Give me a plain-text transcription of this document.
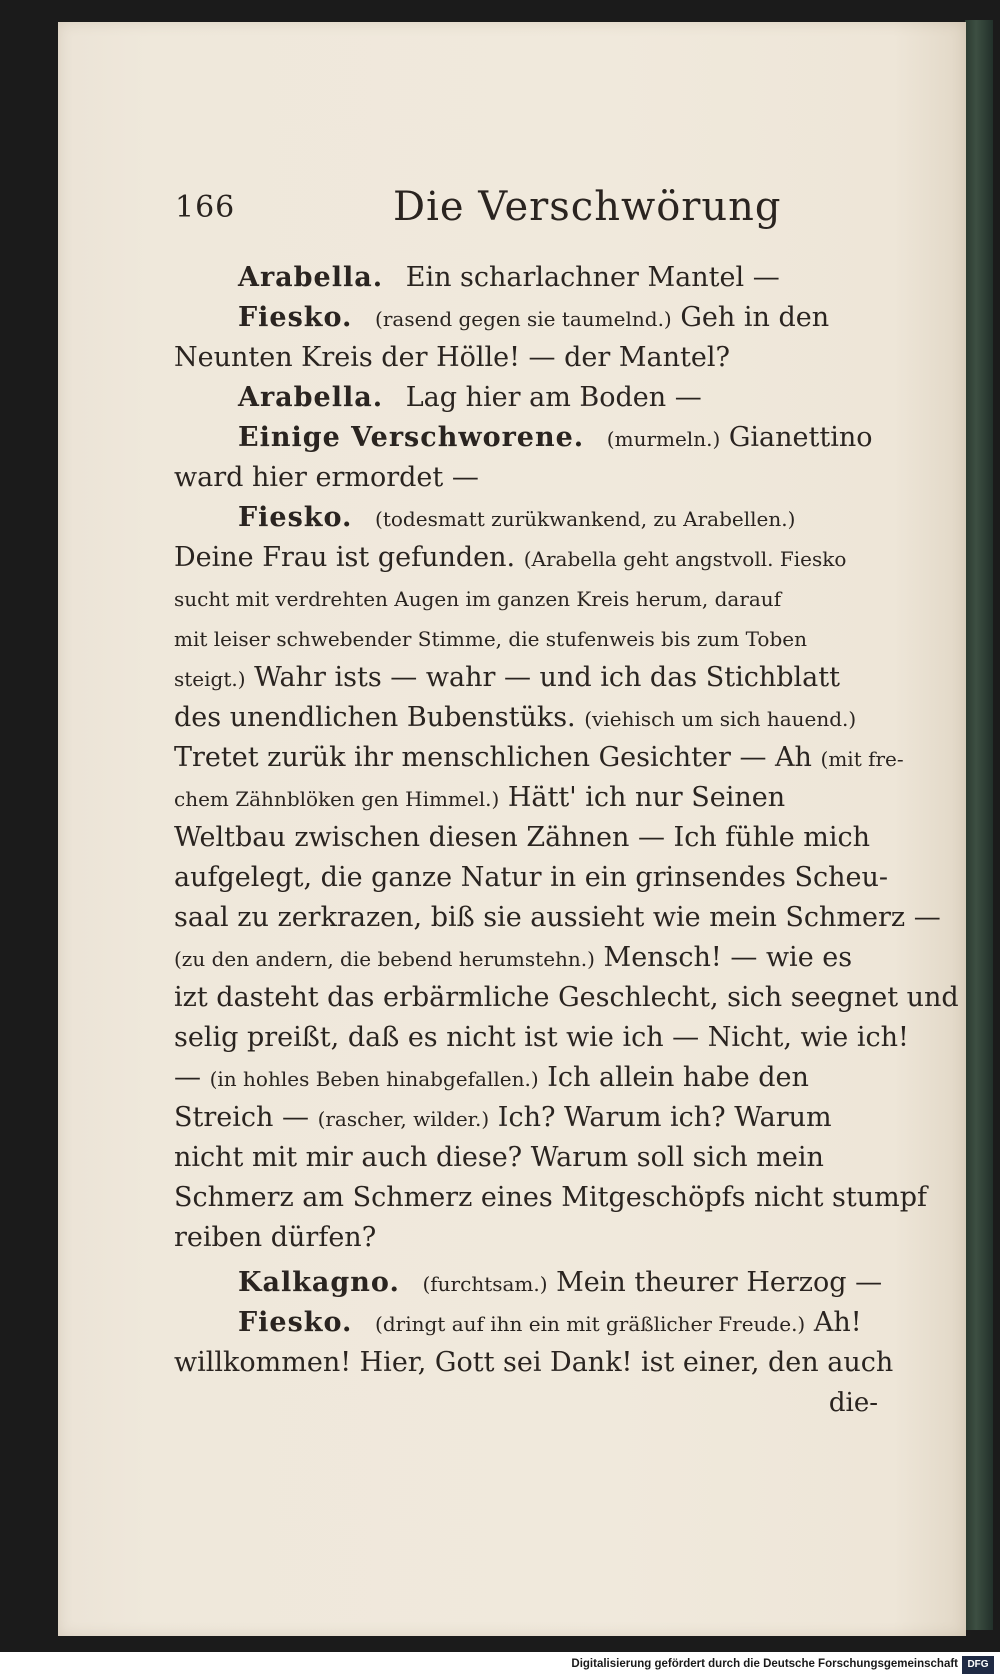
166	Die Verschwörung
Arabella. Ein scharlachner Mantel —
Fiesko. (rasend gegen sie taumelnd.) Geh in den
Neunten Kreis der Hölle! — der Mantel?
Arabella. Lag hier am Boden —
Einige Verschworene. (murmeln.) Gianettino
ward hier ermordet —
Fiesko. (todesmatt zurükwankend, zu Arabellen.)
Deine Frau ist gefunden. (Arabella geht angstvoll. Fiesko
sucht mit verdrehten Augen im ganzen Kreis herum, darauf
mit leiser schwebender Stimme, die stufenweis bis zum Toben
steigt.) Wahr ists — wahr — und ich das Stichblatt
des unendlichen Bubenstüks. (viehisch um sich hauend.)
Tretet zurük ihr menschlichen Gesichter — Ah (mit fre-
chem Zähnblöken gen Himmel.) Hätt' ich nur Seinen
Weltbau zwischen diesen Zähnen — Ich fühle mich
aufgelegt, die ganze Natur in ein grinsendes Scheu-
saal zu zerkrazen, biß sie aussieht wie mein Schmerz —
(zu den andern, die bebend herumstehn.) Mensch! — wie es
izt dasteht das erbärmliche Geschlecht, sich seegnet und
selig preißt, daß es nicht ist wie ich — Nicht, wie ich!
— (in hohles Beben hinabgefallen.) Ich allein habe den
Streich — (rascher, wilder.) Ich? Warum ich? Warum
nicht mit mir auch diese? Warum soll sich mein
Schmerz am Schmerz eines Mitgeschöpfs nicht stumpf
reiben dürfen?
Kalkagno. (furchtsam.) Mein theurer Herzog —
Fiesko. (dringt auf ihn ein mit gräßlicher Freude.) Ah!
willkommen! Hier, Gott sei Dank! ist einer, den auch
die-
Digitalisierung gefördert durch die Deutsche Forschungsgemeinschaft DFG
